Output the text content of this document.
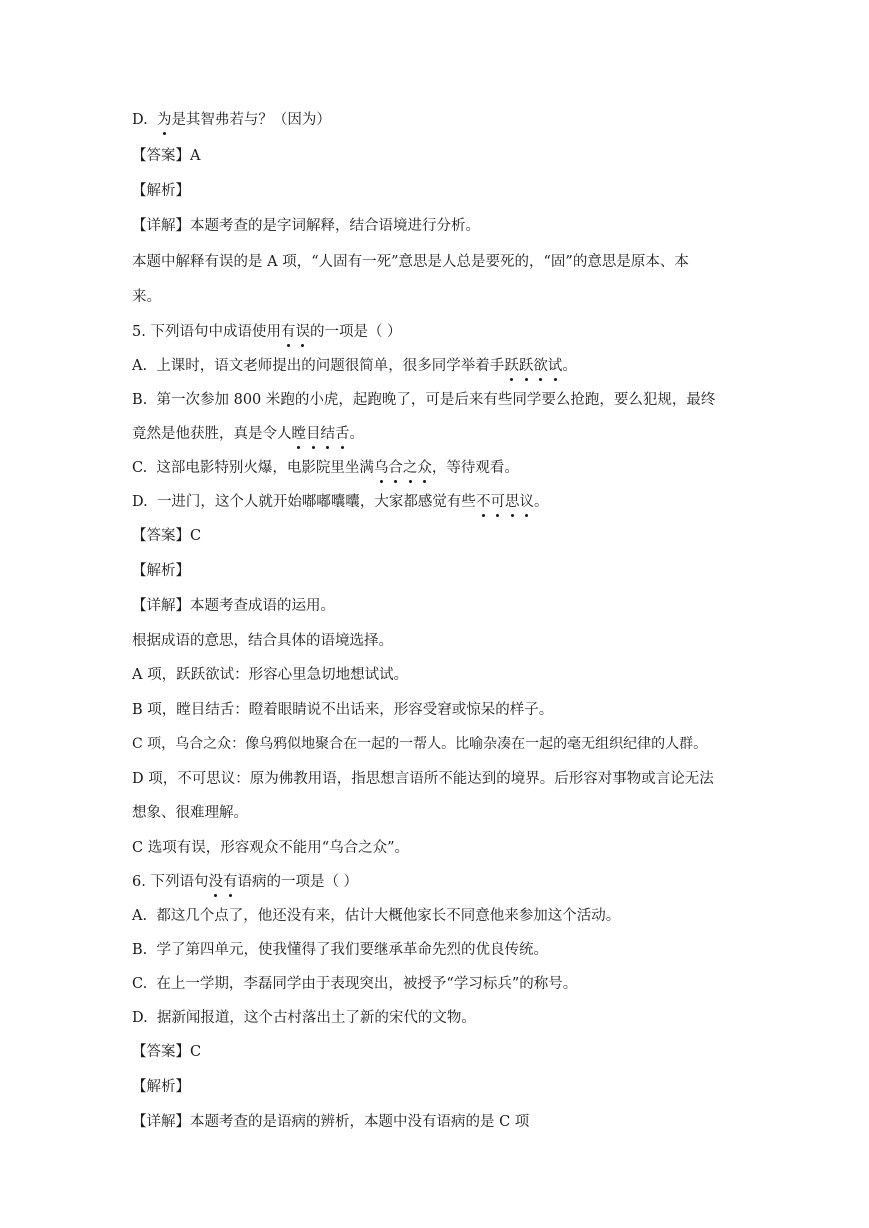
D. 为是其智弗若与？（因为）
【答案】A
【解析】
【详解】本题考查的是字词解释，结合语境进行分析。
本题中解释有误的是 A 项，“人固有一死”意思是人总是要死的，“固”的意思是原本、本
来。
5. 下列语句中成语使用有误的一项是（ ）
A. 上课时，语文老师提出的问题很简单，很多同学举着手跃跃欲试。
B. 第一次参加 800 米跑的小虎，起跑晚了，可是后来有些同学要么抢跑，要么犯规，最终
竟然是他获胜，真是令人瞠目结舌。
C. 这部电影特别火爆，电影院里坐满乌合之众，等待观看。
D. 一进门，这个人就开始嘟嘟囔囔，大家都感觉有些不可思议。
【答案】C
【解析】
【详解】本题考查成语的运用。
根据成语的意思，结合具体的语境选择。
A 项，跃跃欲试：形容心里急切地想试试。
B 项，瞠目结舌：瞪着眼睛说不出话来，形容受窘或惊呆的样子。
C 项，乌合之众：像乌鸦似地聚合在一起的一帮人。比喻杂凑在一起的毫无组织纪律的人群。
D 项，不可思议：原为佛教用语，指思想言语所不能达到的境界。后形容对事物或言论无法
想象、很难理解。
C 选项有误，形容观众不能用“乌合之众”。
6. 下列语句没有语病的一项是（ ）
A. 都这几个点了，他还没有来，估计大概他家长不同意他来参加这个活动。
B. 学了第四单元，使我懂得了我们要继承革命先烈的优良传统。
C. 在上一学期，李磊同学由于表现突出，被授予“学习标兵”的称号。
D. 据新闻报道，这个古村落出土了新的宋代的文物。
【答案】C
【解析】
【详解】本题考查的是语病的辨析，本题中没有语病的是 C 项
